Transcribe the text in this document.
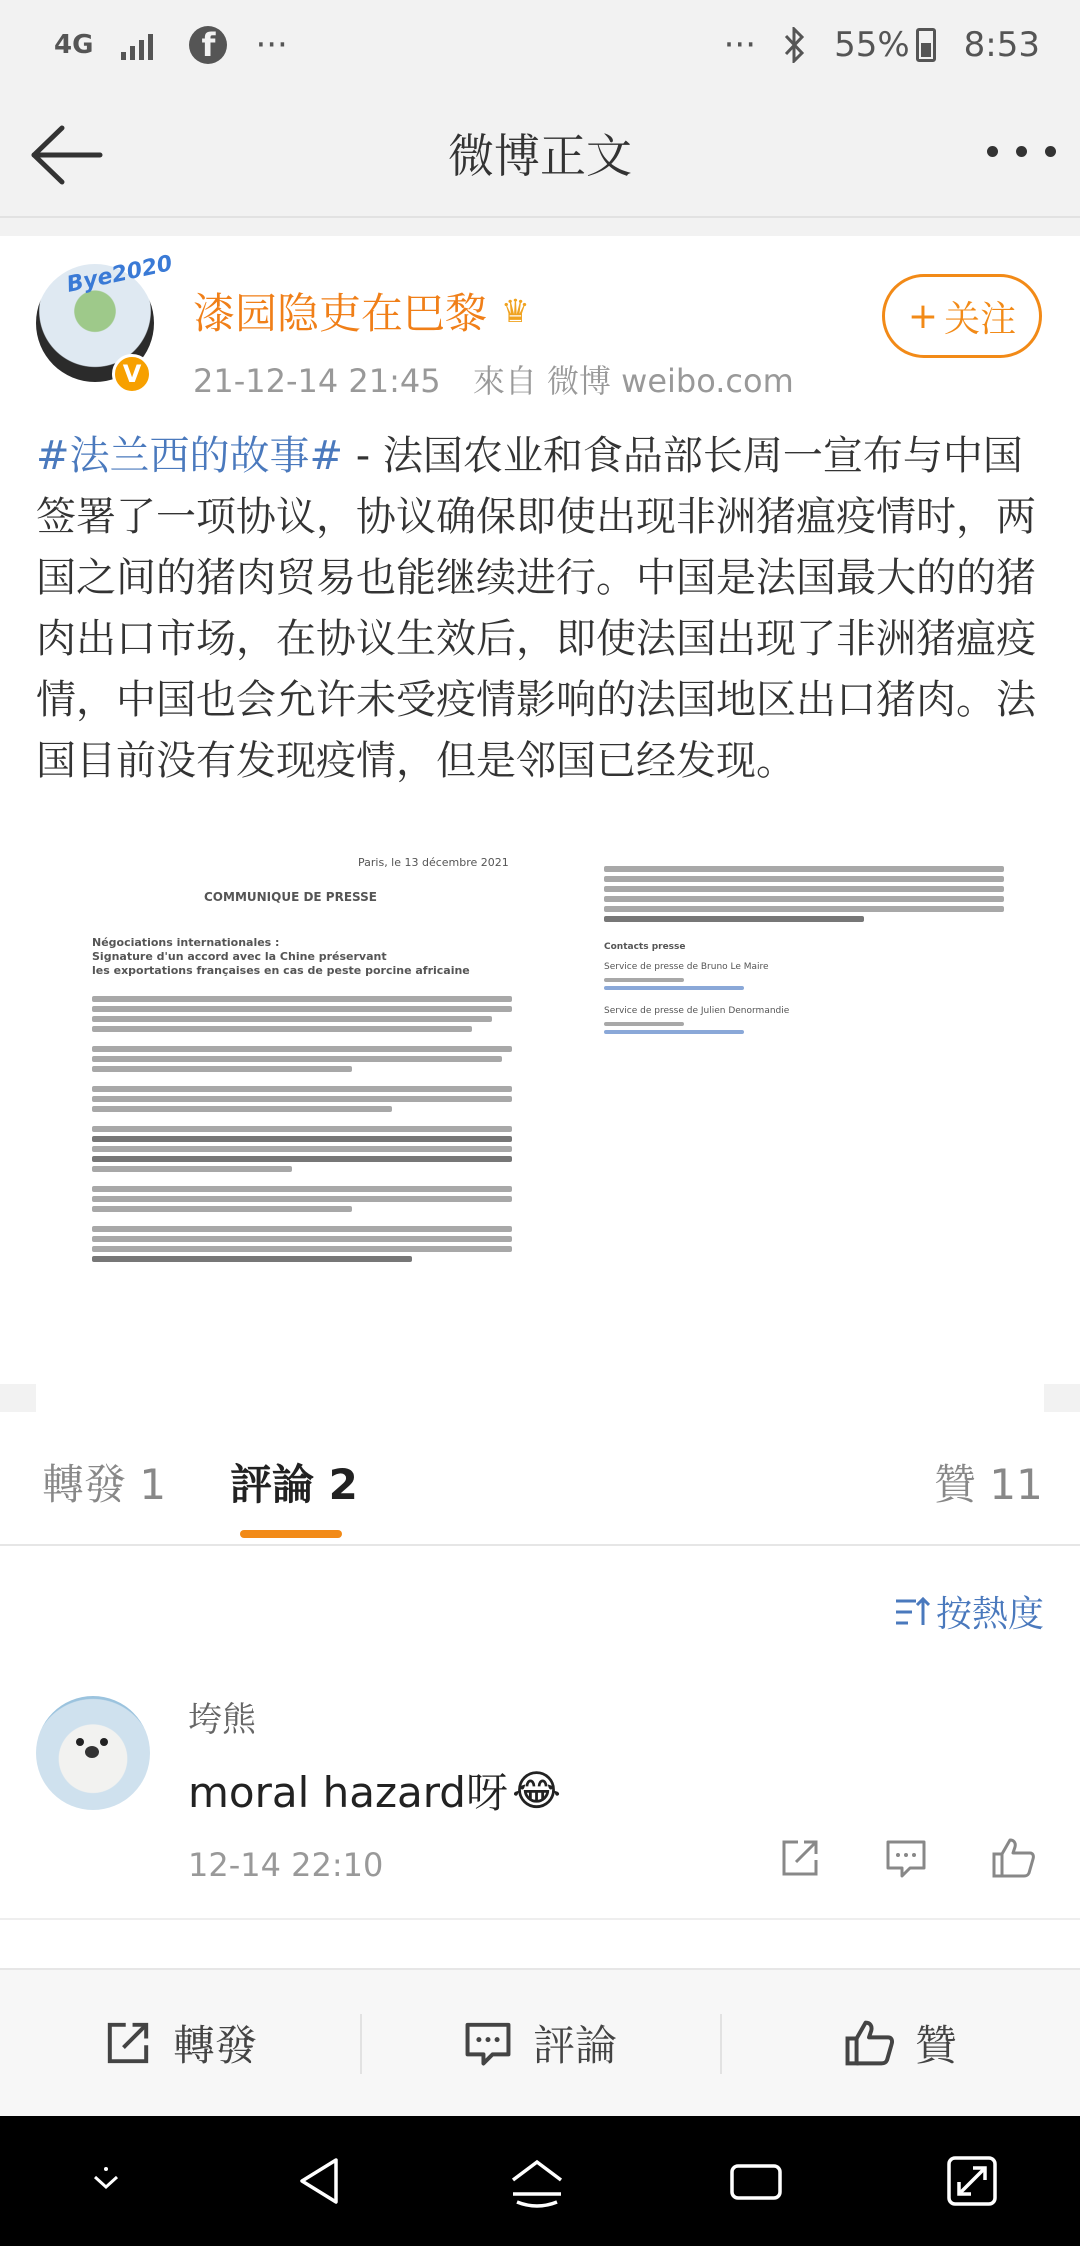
4G	f	···	··· 55% 8:53
微博正文
Bye2020
V
漆园隐吏在巴黎 ♛
21-12-14 21:45 來自 微博 weibo.com
+ 关注
#法兰西的故事# - 法国农业和食品部长周一宣布与中国签署了一项协议，协议确保即使出现非洲猪瘟疫情时，两国之间的猪肉贸易也能继续进行。中国是法国最大的的猪肉出口市场，在协议生效后，即使法国出现了非洲猪瘟疫情，中国也会允许未受疫情影响的法国地区出口猪肉。法国目前没有发现疫情，但是邻国已经发现。
Paris, le 13 décembre 2021
COMMUNIQUE DE PRESSE
Négociations internationales :
Signature d'un accord avec la Chine préservant
les exportations françaises en cas de peste porcine africaine
Contacts presse
Service de presse de Bruno Le Maire
Service de presse de Julien Denormandie
轉發 1 評論 2	贊 11
按熱度
垮熊
moral hazard呀 😂
12-14 22:10
轉發	評論	贊
